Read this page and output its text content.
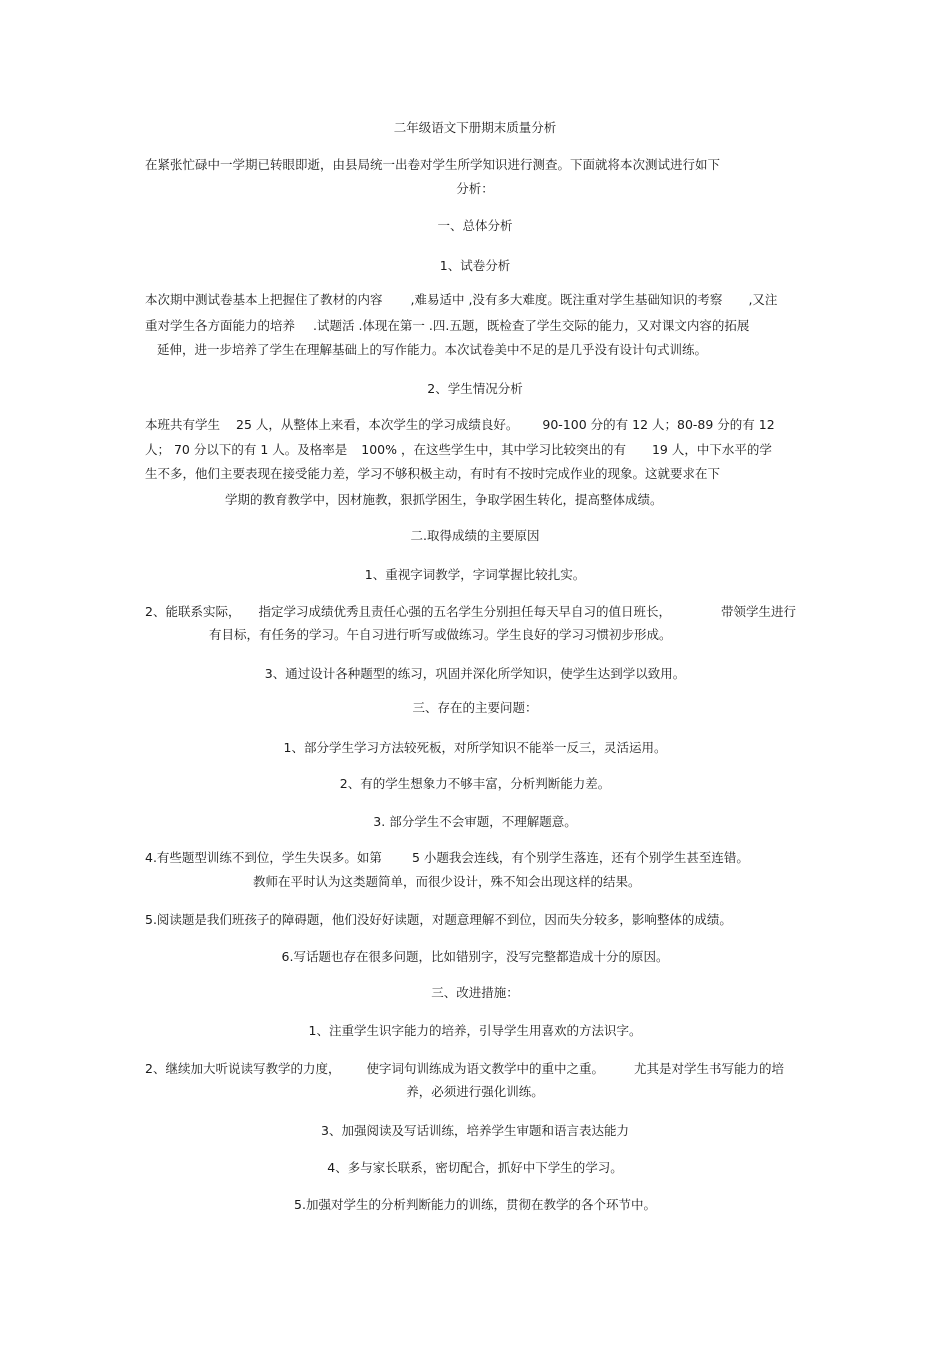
二年级语文下册期末质量分析
在紧张忙碌中一学期已转眼即逝，由县局统一出卷对学生所学知识进行测查。下面就将本次测试进行如下
分析：
一、总体分析
1、试卷分析
本次期中测试卷基本上把握住了教材的内容 ,难易适中 ,没有多大难度。既注重对学生基础知识的考察 ,又注
重对学生各方面能力的培养 .试题活 .体现在第一 .四.五题，既检查了学生交际的能力，又对课文内容的拓展
延伸，进一步培养了学生在理解基础上的写作能力。本次试卷美中不足的是几乎没有设计句式训练。
2、学生情况分析
本班共有学生 25 人，从整体上来看，本次学生的学习成绩良好。 90-100 分的有 12 人；80-89 分的有 12
人； 70 分以下的有 1 人。及格率是 100% ，在这些学生中，其中学习比较突出的有 19 人，中下水平的学
生不多，他们主要表现在接受能力差，学习不够积极主动，有时有不按时完成作业的现象。这就要求在下
学期的教育教学中，因材施教，狠抓学困生，争取学困生转化，提高整体成绩。
二.取得成绩的主要原因
1、重视字词教学，字词掌握比较扎实。
2、能联系实际， 指定学习成绩优秀且责任心强的五名学生分别担任每天早自习的值日班长，	带领学生进行
有目标，有任务的学习。午自习进行听写或做练习。学生良好的学习习惯初步形成。
3、通过设计各种题型的练习，巩固并深化所学知识，使学生达到学以致用。
三、存在的主要问题：
1、部分学生学习方法较死板，对所学知识不能举一反三，灵活运用。
2、有的学生想象力不够丰富，分析判断能力差。
3. 部分学生不会审题，不理解题意。
4.有些题型训练不到位，学生失误多。如第 5 小题我会连线，有个别学生落连，还有个别学生甚至连错。
教师在平时认为这类题简单，而很少设计，殊不知会出现这样的结果。
5.阅读题是我们班孩子的障碍题，他们没好好读题，对题意理解不到位，因而失分较多，影响整体的成绩。
6.写话题也存在很多问题，比如错别字，没写完整都造成十分的原因。
三、改进措施：
1、注重学生识字能力的培养，引导学生用喜欢的方法识字。
2、继续加大听说读写教学的力度， 使字词句训练成为语文教学中的重中之重。 尤其是对学生书写能力的培
养，必须进行强化训练。
3、加强阅读及写话训练，培养学生审题和语言表达能力
4、多与家长联系，密切配合，抓好中下学生的学习。
5.加强对学生的分析判断能力的训练，贯彻在教学的各个环节中。
